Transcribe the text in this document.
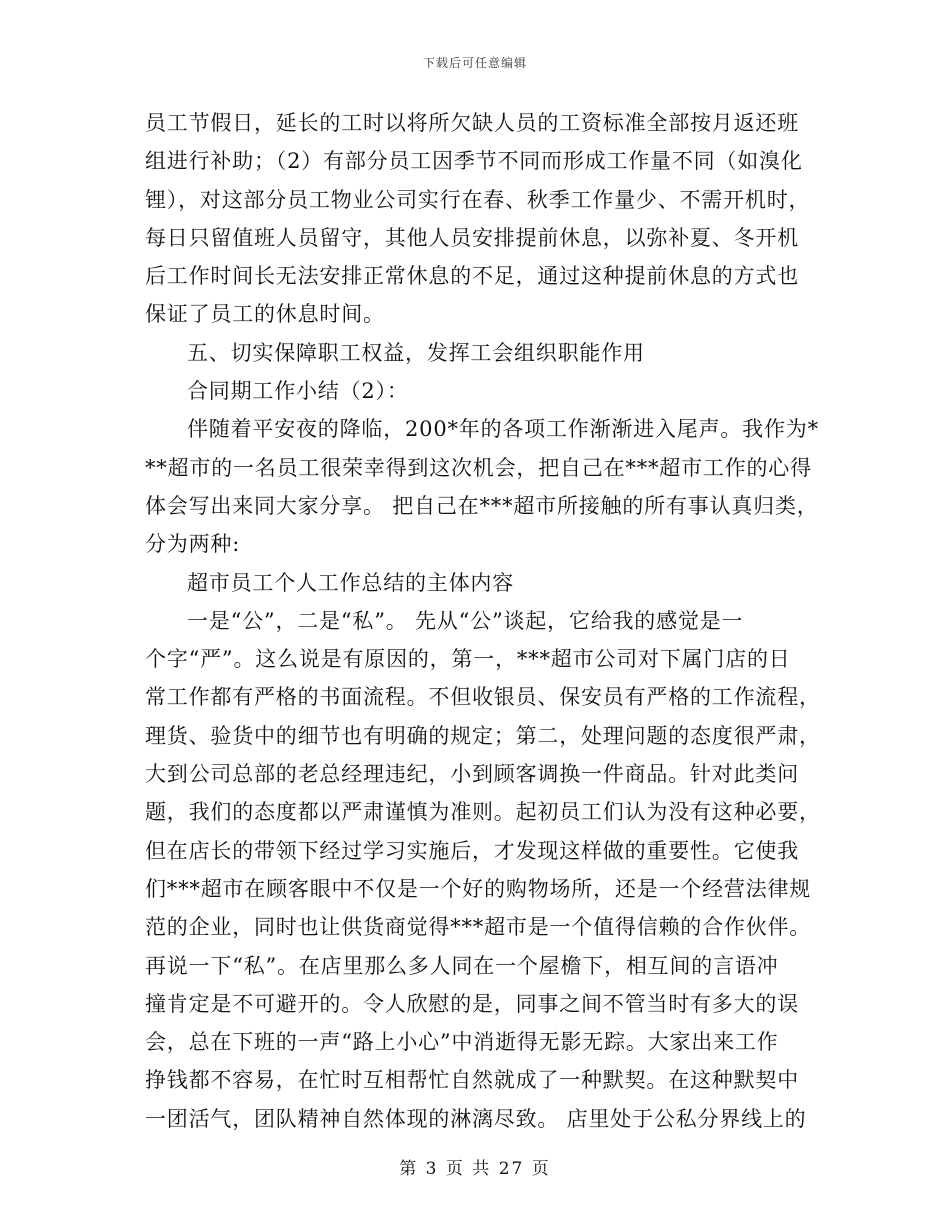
下载后可任意编辑
员工节假日，延长的工时以将所欠缺人员的工资标准全部按月返还班
组进行补助；（2）有部分员工因季节不同而形成工作量不同（如溴化
锂），对这部分员工物业公司实行在春、秋季工作量少、不需开机时，
每日只留值班人员留守，其他人员安排提前休息，以弥补夏、冬开机
后工作时间长无法安排正常休息的不足，通过这种提前休息的方式也
保证了员工的休息时间。
五、切实保障职工权益，发挥工会组织职能作用
合同期工作小结（2）：
伴随着平安夜的降临，200*年的各项工作渐渐进入尾声。我作为*
**超市的一名员工很荣幸得到这次机会，把自己在***超市工作的心得
体会写出来同大家分享。 把自己在***超市所接触的所有事认真归类，
分为两种:
超市员工个人工作总结的主体内容
一是“公”，二是“私”。 先从“公”谈起，它给我的感觉是一
个字“严”。这么说是有原因的，第一，***超市公司对下属门店的日
常工作都有严格的书面流程。不但收银员、保安员有严格的工作流程，
理货、验货中的细节也有明确的规定；第二，处理问题的态度很严肃，
大到公司总部的老总经理违纪，小到顾客调换一件商品。针对此类问
题，我们的态度都以严肃谨慎为准则。起初员工们认为没有这种必要，
但在店长的带领下经过学习实施后，才发现这样做的重要性。它使我
们***超市在顾客眼中不仅是一个好的购物场所，还是一个经营法律规
范的企业，同时也让供货商觉得***超市是一个值得信赖的合作伙伴。
再说一下“私”。在店里那么多人同在一个屋檐下，相互间的言语冲
撞肯定是不可避开的。令人欣慰的是，同事之间不管当时有多大的误
会，总在下班的一声“路上小心”中消逝得无影无踪。大家出来工作
挣钱都不容易，在忙时互相帮忙自然就成了一种默契。在这种默契中
一团活气，团队精神自然体现的淋漓尽致。 店里处于公私分界线上的
第 3 页 共 27 页
